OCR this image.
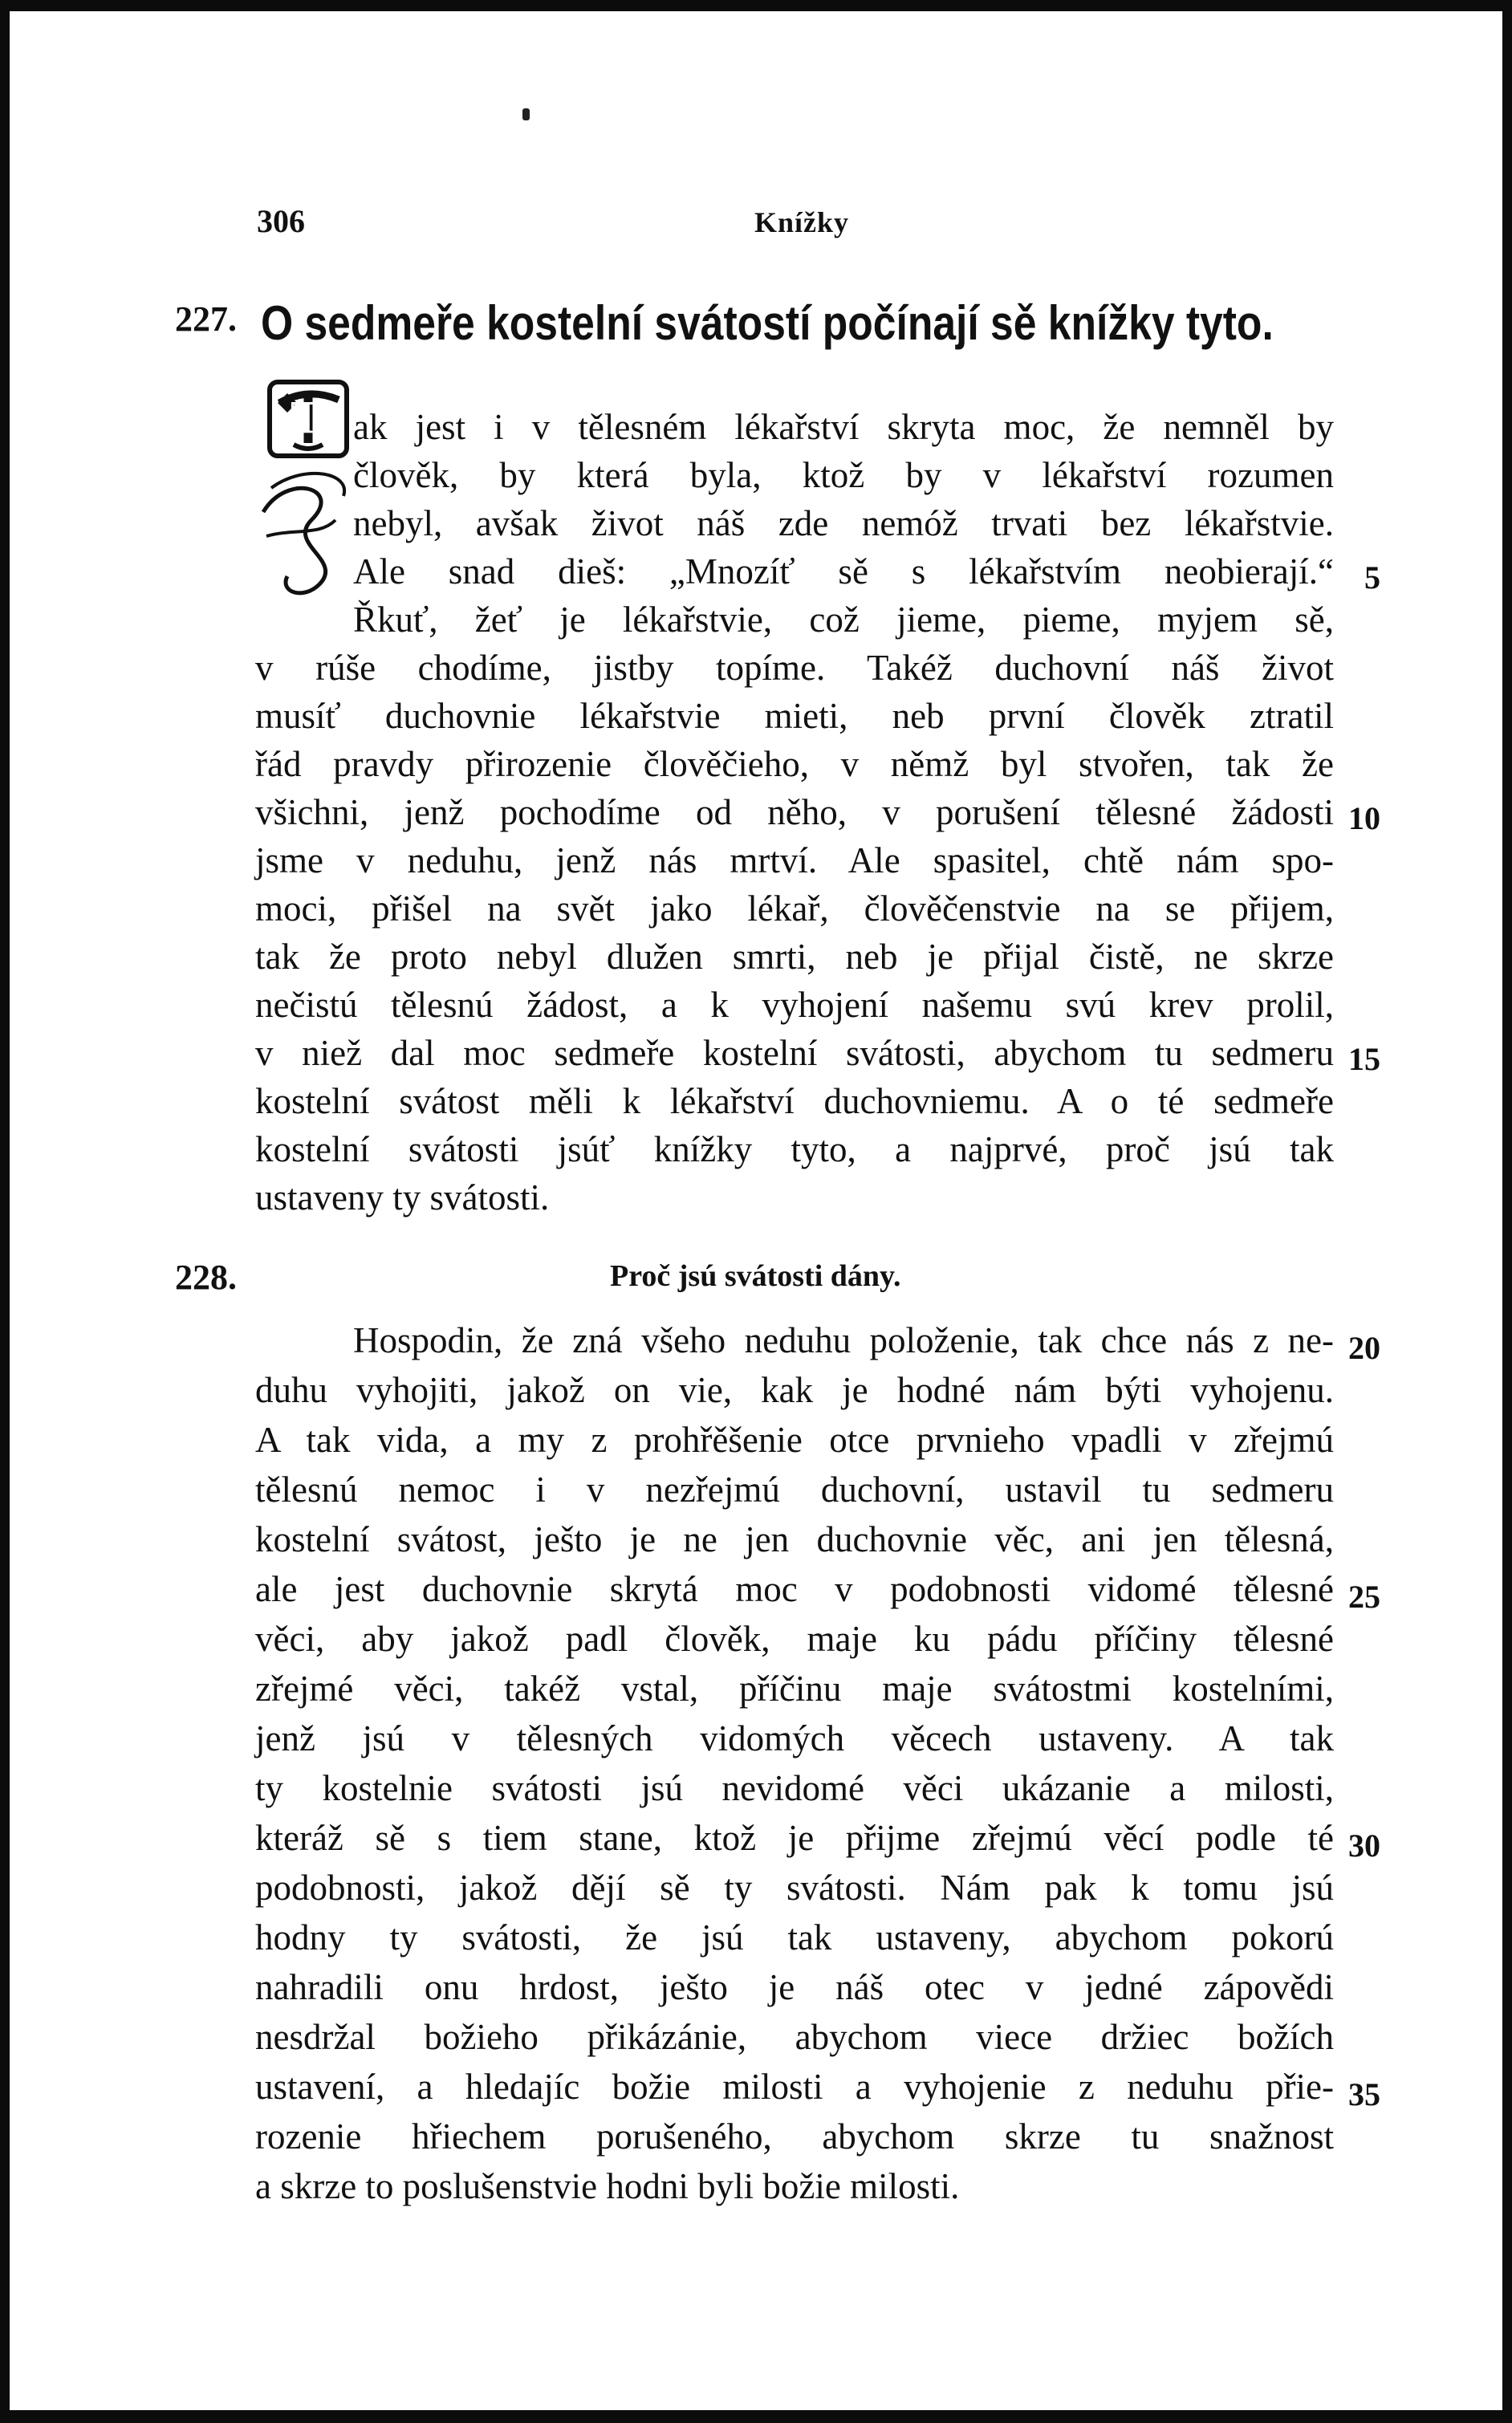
306	Knížky
227. O sedmeře kostelní svátostí počínají sě knížky tyto.
T ak jest i v tělesném lékařství skryta moc, že nemněl by
člověk, by která byla, ktož by v lékařství rozumen
nebyl, avšak život náš zde nemóž trvati bez lékařstvie.
Ale snad dieš: „Mnozíť sě s lékařstvím neobierají.“
Řkuť, žeť je lékařstvie, což jieme, pieme, myjem sě,
v rúše chodíme, jistby topíme. Takéž duchovní náš život
musíť duchovnie lékařstvie mieti, neb první člověk ztratil
řád pravdy přirozenie člověčieho, v němž byl stvořen, tak že
všichni, jenž pochodíme od něho, v porušení tělesné žádosti
jsme v neduhu, jenž nás mrtví. Ale spasitel, chtě nám spo-
moci, přišel na svět jako lékař, člověčenstvie na se přijem,
tak že proto nebyl dlužen smrti, neb je přijal čistě, ne skrze
nečistú tělesnú žádost, a k vyhojení našemu svú krev prolil,
v niež dal moc sedmeře kostelní svátosti, abychom tu sedmeru
kostelní svátost měli k lékařství duchovniemu. A o té sedmeře
kostelní svátosti jsúť knížky tyto, a najprvé, proč jsú tak
ustaveny ty svátosti.
228.	Proč jsú svátosti dány.
Hospodin, že zná všeho neduhu položenie, tak chce nás z ne-
duhu vyhojiti, jakož on vie, kak je hodné nám býti vyhojenu.
A tak vida, a my z prohřěšenie otce prvnieho vpadli v zřejmú
tělesnú nemoc i v nezřejmú duchovní, ustavil tu sedmeru
kostelní svátost, ješto je ne jen duchovnie věc, ani jen tělesná,
ale jest duchovnie skrytá moc v podobnosti vidomé tělesné
věci, aby jakož padl člověk, maje ku pádu příčiny tělesné
zřejmé věci, takéž vstal, příčinu maje svátostmi kostelními,
jenž jsú v tělesných vidomých věcech ustaveny. A tak
ty kostelnie svátosti jsú nevidomé věci ukázanie a milosti,
kteráž sě s tiem stane, ktož je přijme zřejmú věcí podle té
podobnosti, jakož dějí sě ty svátosti. Nám pak k tomu jsú
hodny ty svátosti, že jsú tak ustaveny, abychom pokorú
nahradili onu hrdost, ješto je náš otec v jedné zápovědi
nesdržal božieho přikázánie, abychom viece držiec božích
ustavení, a hledajíc božie milosti a vyhojenie z neduhu přie-
rozenie hřiechem porušeného, abychom skrze tu snažnost
a skrze to poslušenstvie hodni byli božie milosti.
5
10
15
20
25
30
35
